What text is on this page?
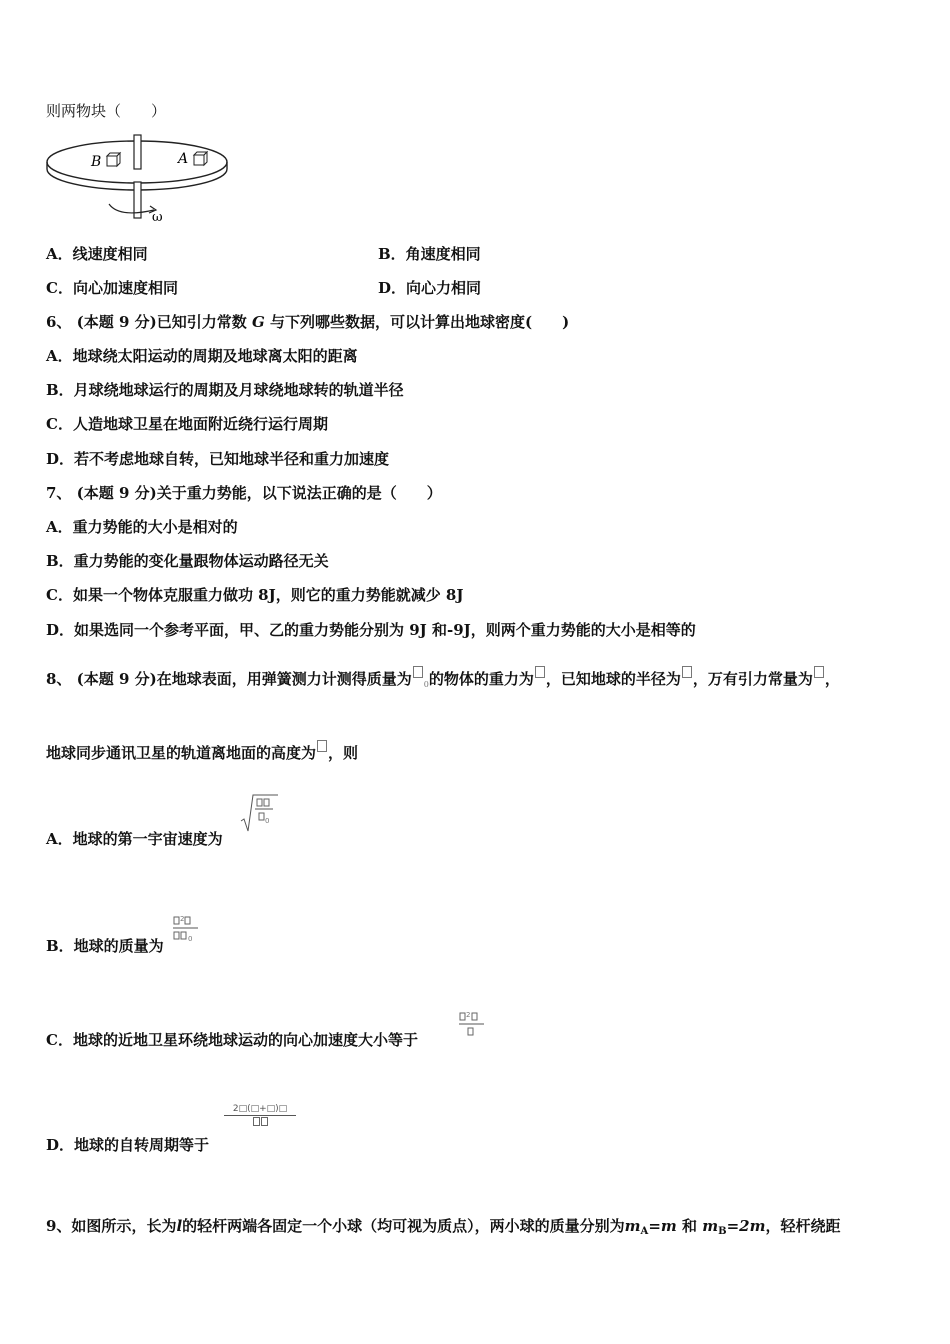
则两物块（　　）
B	A
ω
A．线速度相同	B．角速度相同
C．向心加速度相同	D．向心力相同
6、 (本题 9 分)已知引力常数 G 与下列哪些数据，可以计算出地球密度(　　)
A．地球绕太阳运动的周期及地球离太阳的距离
B．月球绕地球运行的周期及月球绕地球转的轨道半径
C．人造地球卫星在地面附近绕行运行周期
D．若不考虑地球自转，已知地球半径和重力加速度
7、 (本题 9 分)关于重力势能，以下说法正确的是（　　）
A．重力势能的大小是相对的
B．重力势能的变化量跟物体运动路径无关
C．如果一个物体克服重力做功 8J，则它的重力势能就减少 8J
D．如果选同一个参考平面，甲、乙的重力势能分别为 9J 和-9J，则两个重力势能的大小是相等的
8、 (本题 9 分)在地球表面，用弹簧测力计测得质量为 $_0$的物体的重力为 ，已知地球的半径为 ，万有引力常量为 ，
地球同步通讯卫星的轨道离地面的高度为 ，则
A．地球的第一宇宙速度为
0
B．地球的质量为
2
0
C．地球的近地卫星环绕地球运动的向心加速度大小等于
2
D．地球的自转周期等于
2□(□+□)□
9、如图所示，长为l的轻杆两端各固定一个小球（均可视为质点），两小球的质量分别为$m_A=m$ 和 $m_B=2m$，轻杆绕距
